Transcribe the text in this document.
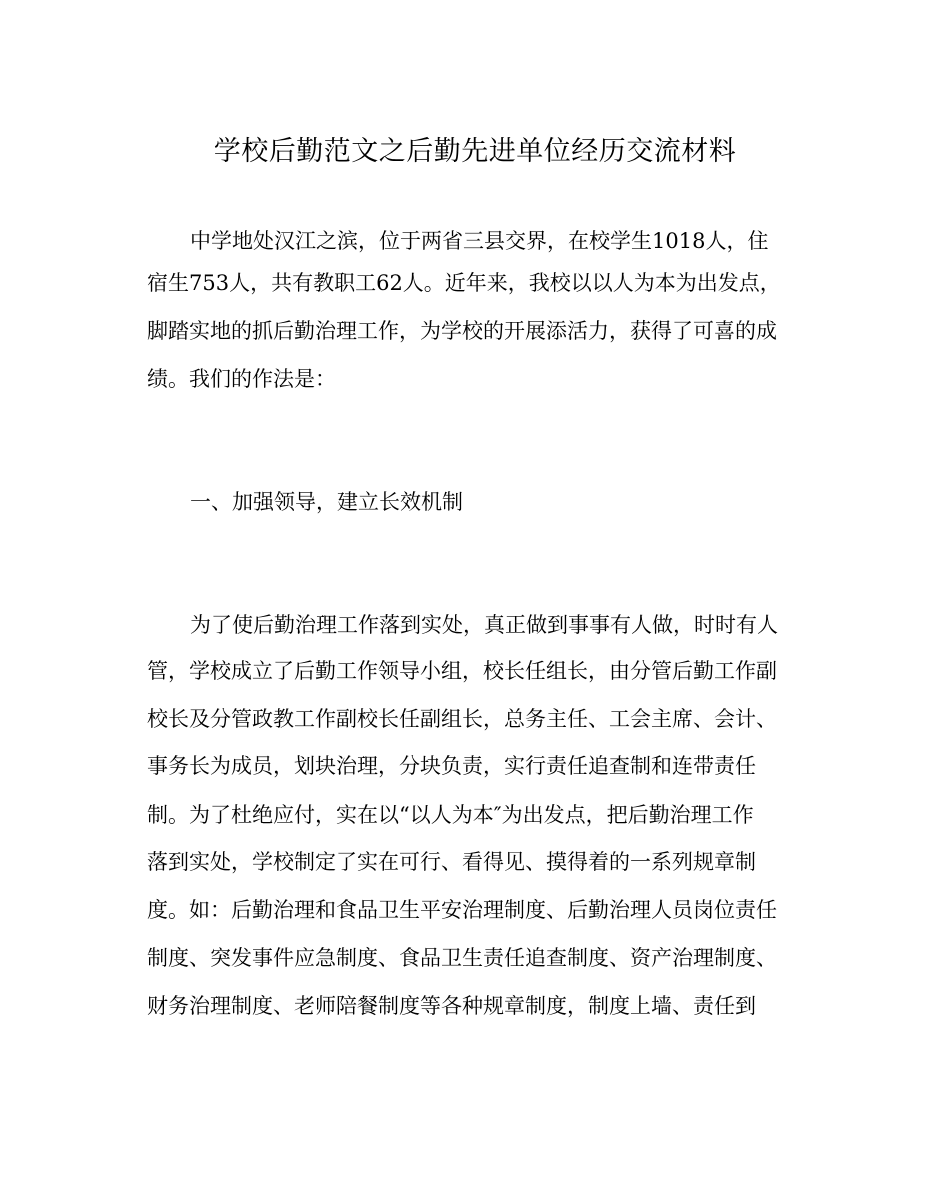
学校后勤范文之后勤先进单位经历交流材料

中学地处汉江之滨，位于两省三县交界，在校学生1018人，住

宿生753人，共有教职工62人。近年来，我校以以人为本为出发点，

脚踏实地的抓后勤治理工作，为学校的开展添活力，获得了可喜的成

绩。我们的作法是：

一、加强领导，建立长效机制

为了使后勤治理工作落到实处，真正做到事事有人做，时时有人

管，学校成立了后勤工作领导小组，校长任组长，由分管后勤工作副

校长及分管政教工作副校长任副组长，总务主任、工会主席、会计、

事务长为成员，划块治理，分块负责，实行责任追查制和连带责任

制。为了杜绝应付，实在以“以人为本″为出发点，把后勤治理工作

落到实处，学校制定了实在可行、看得见、摸得着的一系列规章制

度。如：后勤治理和食品卫生平安治理制度、后勤治理人员岗位责任

制度、突发事件应急制度、食品卫生责任追查制度、资产治理制度、

财务治理制度、老师陪餐制度等各种规章制度，制度上墙、责任到
